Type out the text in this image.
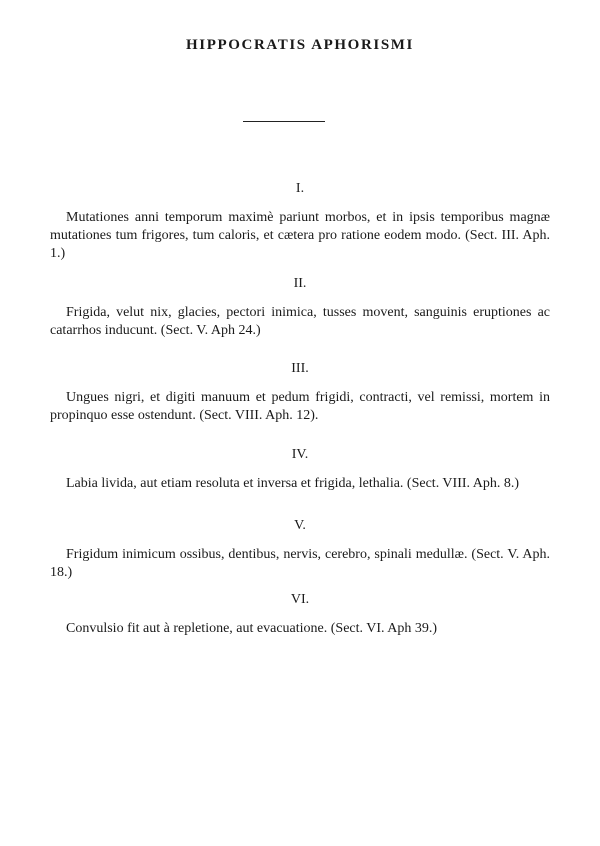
HIPPOCRATIS APHORISMI
I.
Mutationes anni temporum maximè pariunt morbos, et in ipsis temporibus magnæ mutationes tum frigores, tum caloris, et cætera pro ratione eodem modo. (Sect. III. Aph. 1.)
II.
Frigida, velut nix, glacies, pectori inimica, tusses movent, sanguinis eruptiones ac catarrhos inducunt. (Sect. V. Aph 24.)
III.
Ungues nigri, et digiti manuum et pedum frigidi, contracti, vel remissi, mortem in propinquo esse ostendunt. (Sect. VIII. Aph. 12).
IV.
Labia livida, aut etiam resoluta et inversa et frigida, lethalia. (Sect. VIII. Aph. 8.)
V.
Frigidum inimicum ossibus, dentibus, nervis, cerebro, spinali medullæ. (Sect. V. Aph. 18.)
VI.
Convulsio fit aut à repletione, aut evacuatione. (Sect. VI. Aph 39.)
